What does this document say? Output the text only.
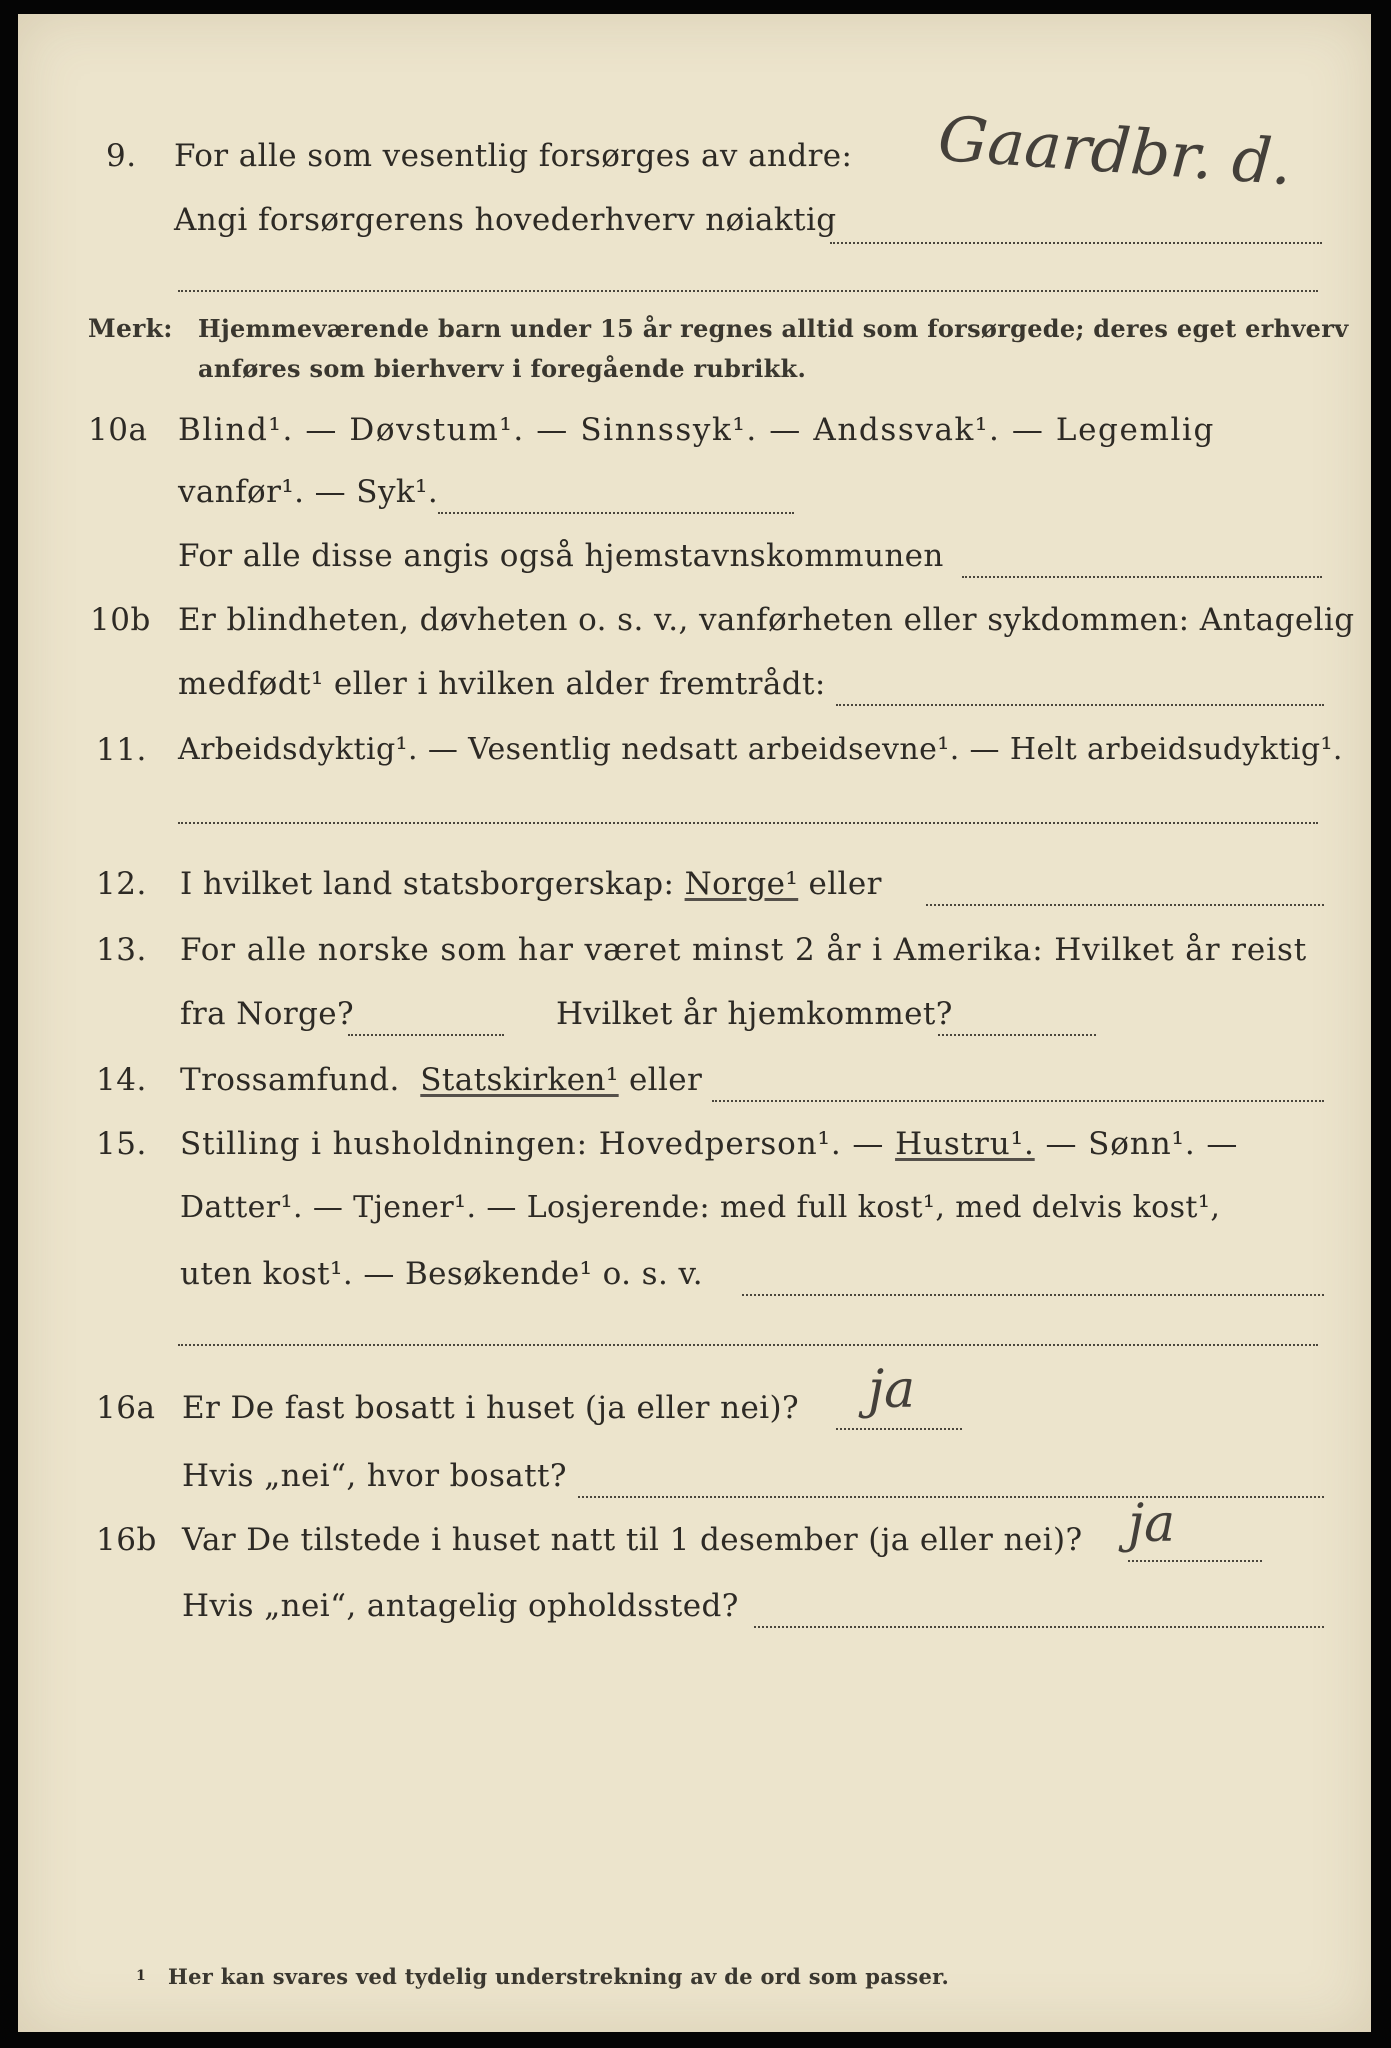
9. For alle som vesentlig forsørges av andre:
Angi forsørgerens hovederhverv nøiaktig
Gaardbr. d.
Merk: Hjemmeværende barn under 15 år regnes alltid som forsørgede; deres eget erhverv
anføres som bierhverv i foregående rubrikk.
10a Blind¹. — Døvstum¹. — Sinnssyk¹. — Andssvak¹. — Legemlig
vanfør¹. — Syk¹.
For alle disse angis også hjemstavnskommunen
10b Er blindheten, døvheten o. s. v., vanførheten eller sykdommen: Antagelig
medfødt¹ eller i hvilken alder fremtrådt:
11. Arbeidsdyktig¹. — Vesentlig nedsatt arbeidsevne¹. — Helt arbeidsudyktig¹.
12. I hvilket land statsborgerskap: Norge¹ eller
13. For alle norske som har været minst 2 år i Amerika: Hvilket år reist
fra Norge?	Hvilket år hjemkommet?
14. Trossamfund. Statskirken¹ eller
15. Stilling i husholdningen: Hovedperson¹. — Hustru¹. — Sønn¹. —
Datter¹. — Tjener¹. — Losjerende: med full kost¹, med delvis kost¹,
uten kost¹. — Besøkende¹ o. s. v.
16a Er De fast bosatt i huset (ja eller nei)? ja
Hvis „nei“, hvor bosatt?
16b Var De tilstede i huset natt til 1 desember (ja eller nei)? ja
Hvis „nei“, antagelig opholdssted?
1 Her kan svares ved tydelig understrekning av de ord som passer.
